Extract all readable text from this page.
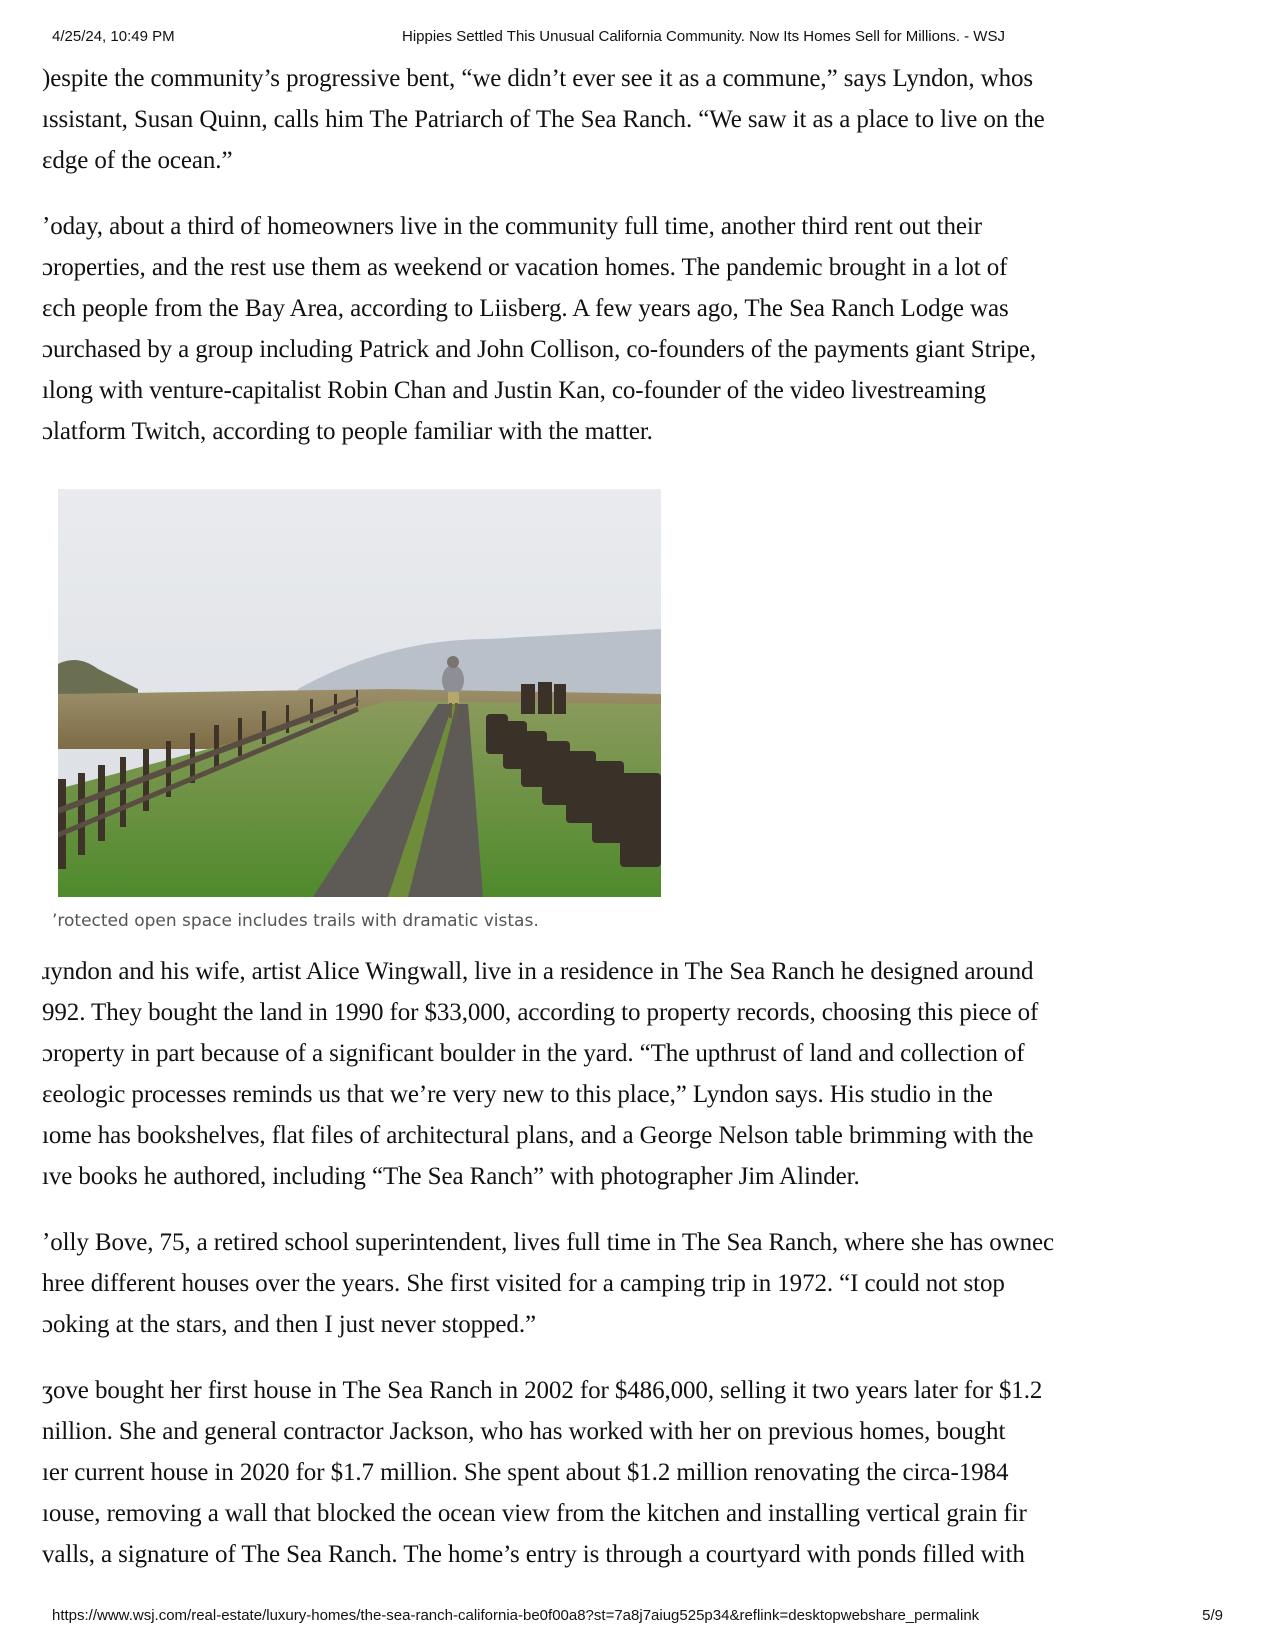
4/25/24, 10:49 PM	Hippies Settled This Unusual California Community. Now Its Homes Sell for Millions. - WSJ

)espite the community’s progressive bent, “we didn’t ever see it as a commune,” says Lyndon, whos
ıssistant, Susan Quinn, calls him The Patriarch of The Sea Ranch. “We saw it as a place to live on the
ɛdge of the ocean.”

ʼoday, about a third of homeowners live in the community full time, another third rent out their
ɔroperties, and the rest use them as weekend or vacation homes. The pandemic brought in a lot of
ɛch people from the Bay Area, according to Liisberg. A few years ago, The Sea Ranch Lodge was
ɔurchased by a group including Patrick and John Collison, co-founders of the payments giant Stripe,
ılong with venture-capitalist Robin Chan and Justin Kan, co-founder of the video livestreaming
ɔlatform Twitch, according to people familiar with the matter.

ʼrotected open space includes trails with dramatic vistas.

ɹyndon and his wife, artist Alice Wingwall, live in a residence in The Sea Ranch he designed around
992. They bought the land in 1990 for $33,000, according to property records, choosing this piece of
ɔroperty in part because of a significant boulder in the yard. “The upthrust of land and collection of
ɛeologic processes reminds us that we’re very new to this place,” Lyndon says. His studio in the
ıome has bookshelves, flat files of architectural plans, and a George Nelson table brimming with the
ıve books he authored, including “The Sea Ranch” with photographer Jim Alinder.

ʼolly Bove, 75, a retired school superintendent, lives full time in The Sea Ranch, where she has ownec
hree different houses over the years. She first visited for a camping trip in 1972. “I could not stop
ɔoking at the stars, and then I just never stopped.”

ʒove bought her first house in The Sea Ranch in 2002 for $486,000, selling it two years later for $1.2
nillion. She and general contractor Jackson, who has worked with her on previous homes, bought
ıer current house in 2020 for $1.7 million. She spent about $1.2 million renovating the circa-1984
ıouse, removing a wall that blocked the ocean view from the kitchen and installing vertical grain fir
valls, a signature of The Sea Ranch. The home’s entry is through a courtyard with ponds filled with

https://www.wsj.com/real-estate/luxury-homes/the-sea-ranch-california-be0f00a8?st=7a8j7aiug525p34&reflink=desktopwebshare_permalink	5/9
